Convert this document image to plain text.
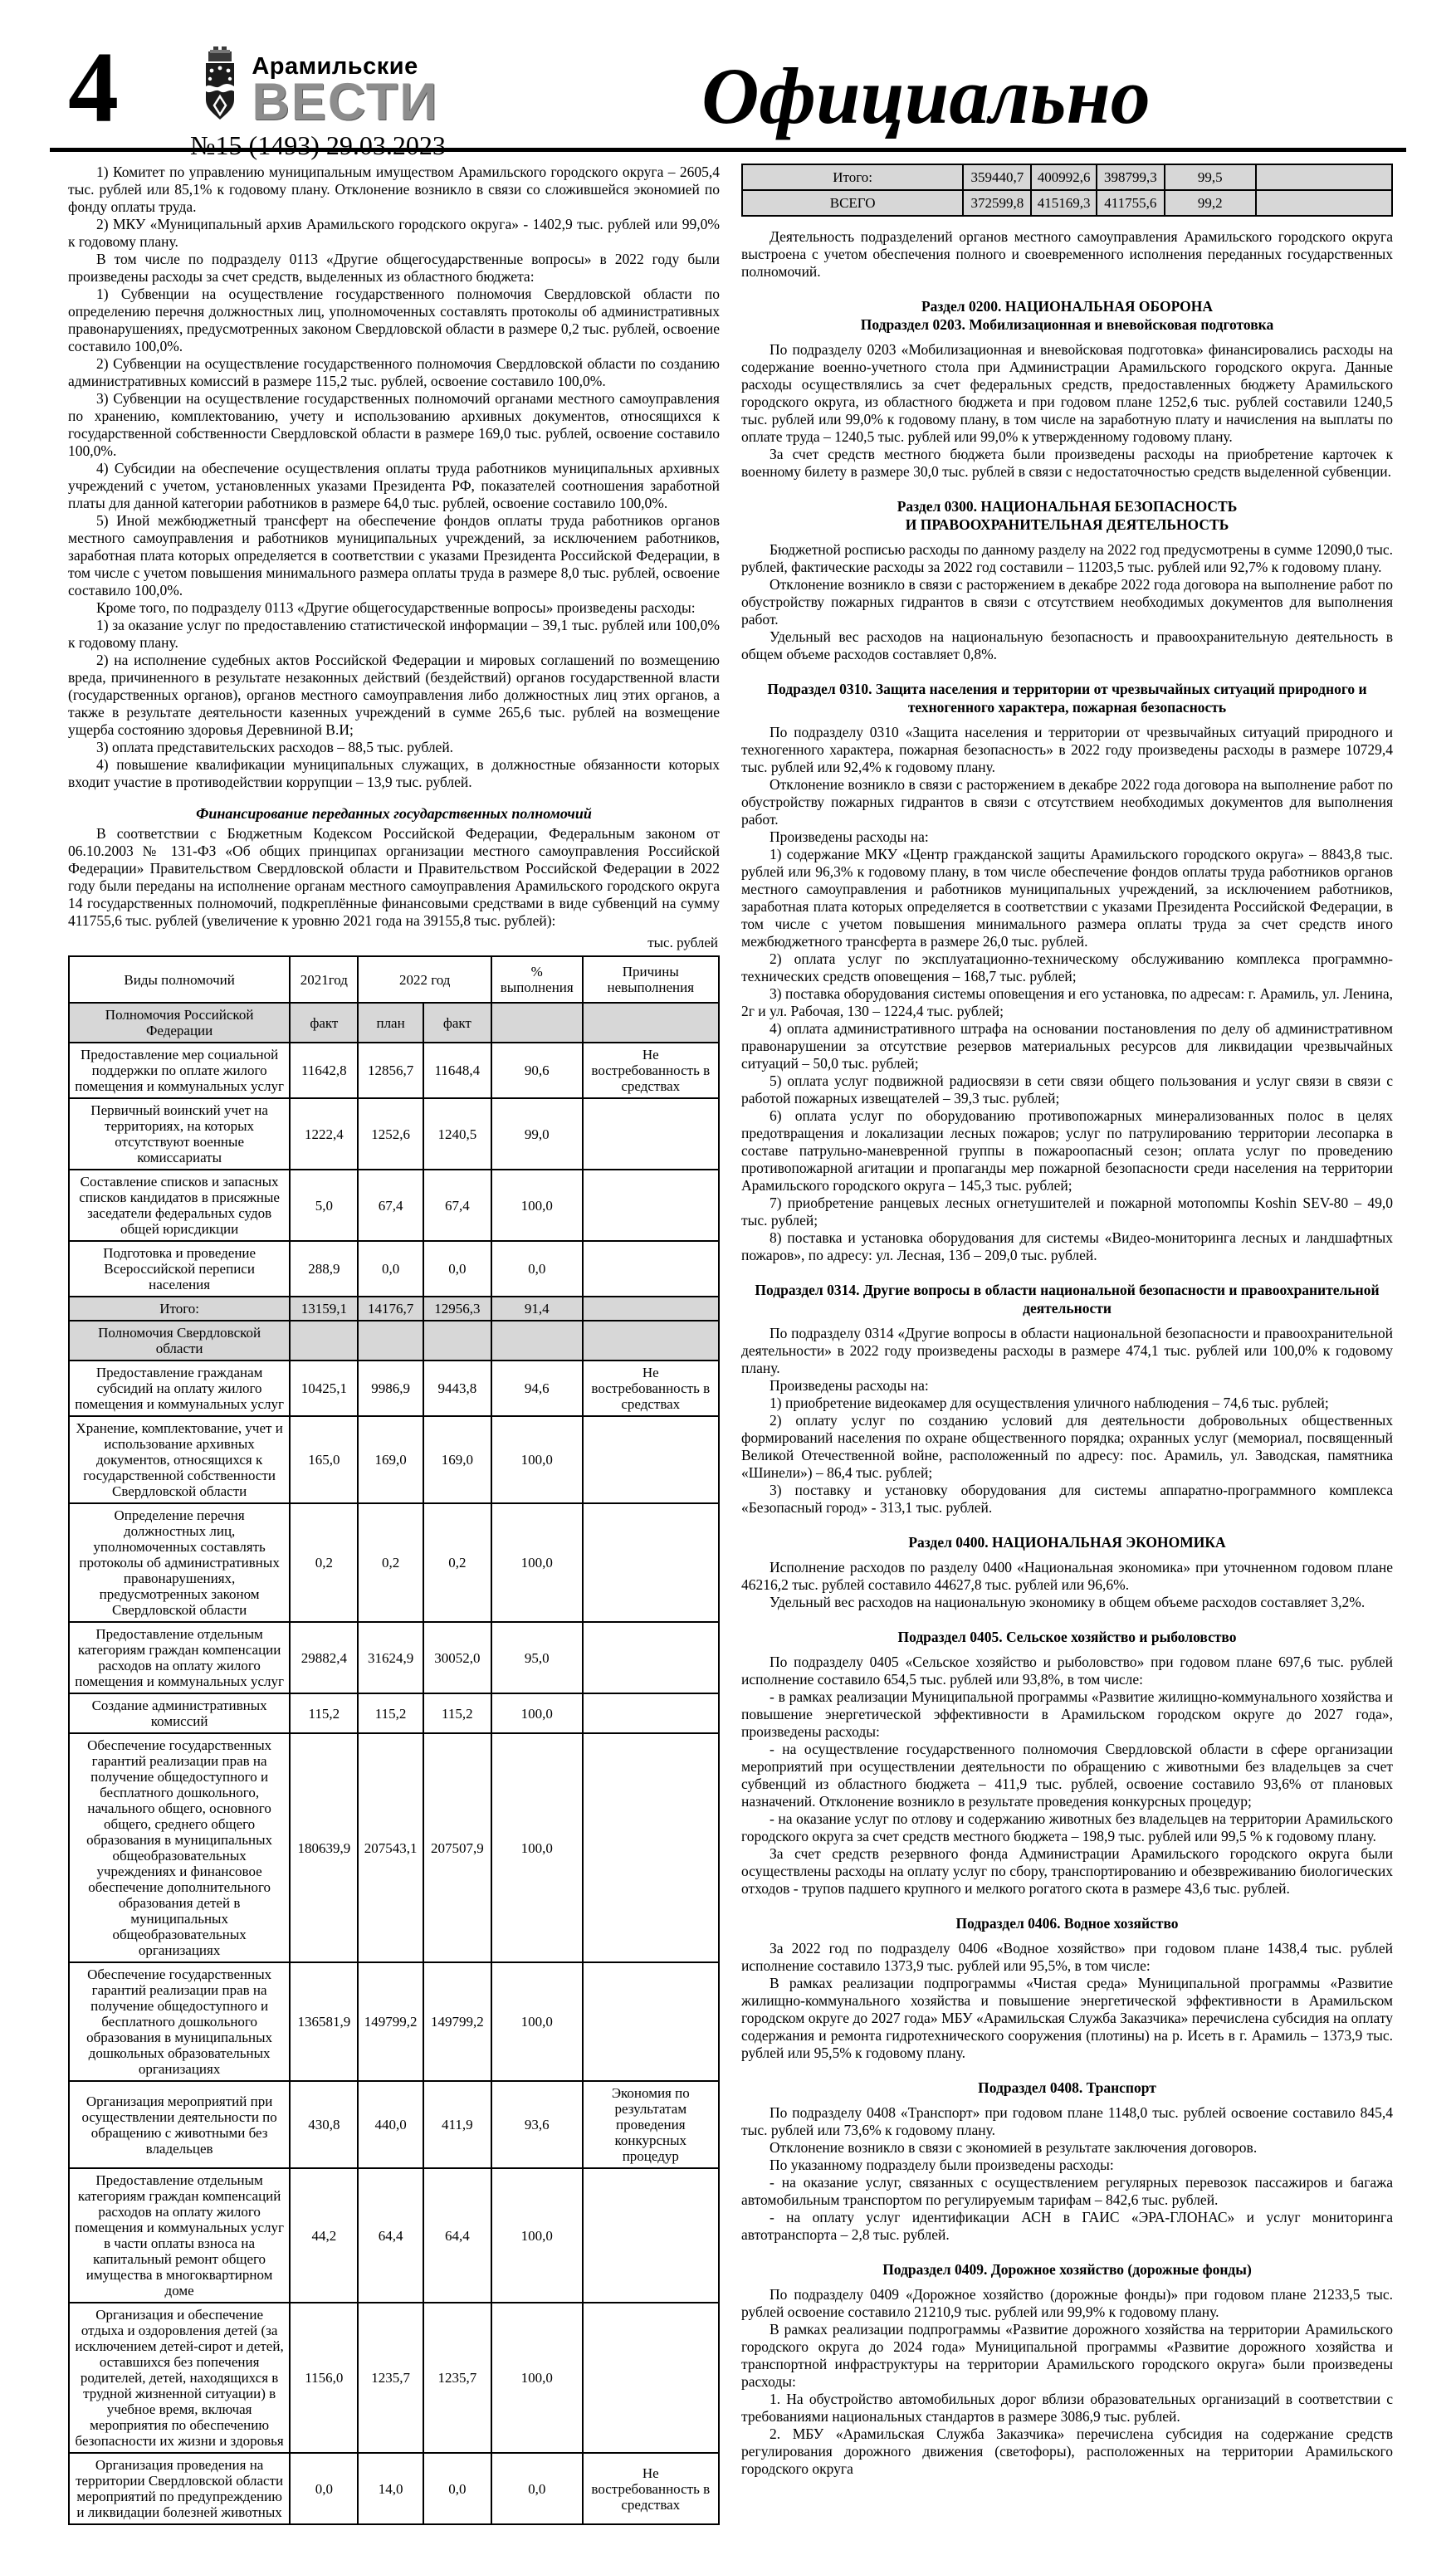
4	Арамильские
ВЕСТИ
№15 (1493) 29.03.2023
Официально

1) Комитет по управлению муниципальным имуществом Арамильского городского округа – 2605,4 тыс. рублей или 85,1% к годовому плану. Отклонение возникло в связи со сложившейся экономией по фонду оплаты труда.

2) МКУ «Муниципальный архив Арамильского городского округа» - 1402,9 тыс. рублей или 99,0% к годовому плану.

В том числе по подразделу 0113 «Другие общегосударственные вопросы» в 2022 году были произведены расходы за счет средств, выделенных из областного бюджета:

1) Субвенции на осуществление государственного полномочия Свердловской области по определению перечня должностных лиц, уполномоченных составлять протоколы об административных правонарушениях, предусмотренных законом Свердловской области в размере 0,2 тыс. рублей, освоение составило 100,0%.

2) Субвенции на осуществление государственного полномочия Свердловской области по созданию административных комиссий в размере 115,2 тыс. рублей, освоение составило 100,0%.

3) Субвенции на осуществление государственных полномочий органами местного самоуправления по хранению, комплектованию, учету и использованию архивных документов, относящихся к государственной собственности Свердловской области в размере 169,0 тыс. рублей, освоение составило 100,0%.

4) Субсидии на обеспечение осуществления оплаты труда работников муниципальных архивных учреждений с учетом, установленных указами Президента РФ, показателей соотношения заработной платы для данной категории работников в размере 64,0 тыс. рублей, освоение составило 100,0%.

5) Иной межбюджетный трансферт на обеспечение фондов оплаты труда работников органов местного самоуправления и работников муниципальных учреждений, за исключением работников, заработная плата которых определяется в соответствии с указами Президента Российской Федерации, в том числе с учетом повышения минимального размера оплаты труда в размере 8,0 тыс. рублей, освоение составило 100,0%.

Кроме того, по подразделу 0113 «Другие общегосударственные вопросы» произведены расходы:

1) за оказание услуг по предоставлению статистической информации – 39,1 тыс. рублей или 100,0% к годовому плану.

2) на исполнение судебных актов Российской Федерации и мировых соглашений по возмещению вреда, причиненного в результате незаконных действий (бездействий) органов государственной власти (государственных органов), органов местного самоуправления либо должностных лиц этих органов, а также в результате деятельности казенных учреждений в сумме 265,6 тыс. рублей на возмещение ущерба состоянию здоровья Деревниной В.И;

3) оплата представительских расходов – 88,5 тыс. рублей.

4) повышение квалификации муниципальных служащих, в должностные обязанности которых входит участие в противодействии коррупции – 13,9 тыс. рублей.

Финансирование переданных государственных полномочий

В соответствии с Бюджетным Кодексом Российской Федерации, Федеральным законом от 06.10.2003 № 131-ФЗ «Об общих принципах организации местного самоуправления Российской Федерации» Правительством Свердловской области и Правительством Российской Федерации в 2022 году были переданы на исполнение органам местного самоуправления Арамильского городского округа 14 государственных полномочий, подкреплённые финансовыми средствами в виде субвенций на сумму 411755,6 тыс. рублей (увеличение к уровню 2021 года на 39155,8 тыс. рублей):

тыс. рублей
Виды полномочий	2021год	2022 год		% выполнения	Причины невыполнения
Полномочия Российской Федерации	факт	план	факт		
Предоставление мер социальной поддержки по оплате жилого помещения и коммунальных услуг	11642,8	12856,7	11648,4	90,6	Не востребованность в средствах
Первичный воинский учет на территориях, на которых отсутствуют военные комиссариаты	1222,4	1252,6	1240,5	99,0	
Составление списков и запасных списков кандидатов в присяжные заседатели федеральных судов общей юрисдикции	5,0	67,4	67,4	100,0	
Подготовка и проведение Всероссийской переписи населения	288,9	0,0	0,0	0,0	
Итого:	13159,1	14176,7	12956,3	91,4	
Полномочия Свердловской области					
Предоставление гражданам субсидий на оплату жилого помещения и коммунальных услуг	10425,1	9986,9	9443,8	94,6	Не востребованность в средствах
Хранение, комплектование, учет и использование архивных документов, относящихся к государственной собственности Свердловской области	165,0	169,0	169,0	100,0	
Определение перечня должностных лиц, уполномоченных составлять протоколы об административных правонарушениях, предусмотренных законом Свердловской области	0,2	0,2	0,2	100,0	
Предоставление отдельным категориям граждан компенсации расходов на оплату жилого помещения и коммунальных услуг	29882,4	31624,9	30052,0	95,0	
Создание административных комиссий	115,2	115,2	115,2	100,0	
Обеспечение государственных гарантий реализации прав на получение общедоступного и бесплатного дошкольного, начального общего, основного общего, среднего общего образования в муниципальных общеобразовательных учреждениях и финансовое обеспечение дополнительного образования детей в муниципальных общеобразовательных организациях	180639,9	207543,1	207507,9	100,0	
Обеспечение государственных гарантий реализации прав на получение общедоступного и бесплатного дошкольного образования в муниципальных дошкольных образовательных организациях	136581,9	149799,2	149799,2	100,0	
Организация мероприятий при осуществлении деятельности по обращению с животными без владельцев	430,8	440,0	411,9	93,6	Экономия по результатам проведения конкурсных процедур
Предоставление отдельным категориям граждан компенсаций расходов на оплату жилого помещения и коммунальных услуг в части оплаты взноса на капитальный ремонт общего имущества в многоквартирном доме	44,2	64,4	64,4	100,0	
Организация и обеспечение отдыха и оздоровления детей (за исключением детей-сирот и детей, оставшихся без попечения родителей, детей, находящихся в трудной жизненной ситуации) в учебное время, включая мероприятия по обеспечению безопасности их жизни и здоровья	1156,0	1235,7	1235,7	100,0	
Организация проведения на территории Свердловской области мероприятий по предупреждению и ликвидации болезней животных	0,0	14,0	0,0	0,0	Не востребованность в средствах
Итого:	359440,7	400992,6	398799,3	99,5	
ВСЕГО	372599,8	415169,3	411755,6	99,2	

Деятельность подразделений органов местного самоуправления Арамильского городского округа выстроена с учетом обеспечения полного и своевременного исполнения переданных государственных полномочий.

Раздел 0200. НАЦИОНАЛЬНАЯ ОБОРОНА
Подраздел 0203. Мобилизационная и вневойсковая подготовка

По подразделу 0203 «Мобилизационная и вневойсковая подготовка» финансировались расходы на содержание военно-учетного стола при Администрации Арамильского городского округа. Данные расходы осуществлялись за счет федеральных средств, предоставленных бюджету Арамильского городского округа, из областного бюджета и при годовом плане 1252,6 тыс. рублей составили 1240,5 тыс. рублей или 99,0% к годовому плану, в том числе на заработную плату и начисления на выплаты по оплате труда – 1240,5 тыс. рублей или 99,0% к утвержденному годовому плану.

За счет средств местного бюджета были произведены расходы на приобретение карточек к военному билету в размере 30,0 тыс. рублей в связи с недостаточностью средств выделенной субвенции.

Раздел 0300. НАЦИОНАЛЬНАЯ БЕЗОПАСНОСТЬ
И ПРАВООХРАНИТЕЛЬНАЯ ДЕЯТЕЛЬНОСТЬ

Бюджетной росписью расходы по данному разделу на 2022 год предусмотрены в сумме 12090,0 тыс. рублей, фактические расходы за 2022 год составили – 11203,5 тыс. рублей или 92,7% к годовому плану.

Отклонение возникло в связи с расторжением в декабре 2022 года договора на выполнение работ по обустройству пожарных гидрантов в связи с отсутствием необходимых документов для выполнения работ.

Удельный вес расходов на национальную безопасность и правоохранительную деятельность в общем объеме расходов составляет 0,8%.

Подраздел 0310. Защита населения и территории от чрезвычайных ситуаций природного и техногенного характера, пожарная безопасность

По подразделу 0310 «Защита населения и территории от чрезвычайных ситуаций природного и техногенного характера, пожарная безопасность» в 2022 году произведены расходы в размере 10729,4 тыс. рублей или 92,4% к годовому плану.

Отклонение возникло в связи с расторжением в декабре 2022 года договора на выполнение работ по обустройству пожарных гидрантов в связи с отсутствием необходимых документов для выполнения работ.

Произведены расходы на:

1) содержание МКУ «Центр гражданской защиты Арамильского городского округа» – 8843,8 тыс. рублей или 96,3% к годовому плану, в том числе обеспечение фондов оплаты труда работников органов местного самоуправления и работников муниципальных учреждений, за исключением работников, заработная плата которых определяется в соответствии с указами Президента Российской Федерации, в том числе с учетом повышения минимального размера оплаты труда за счет средств иного межбюджетного трансферта в размере 26,0 тыс. рублей.

2) оплата услуг по эксплуатационно-техническому обслуживанию комплекса программно-технических средств оповещения – 168,7 тыс. рублей;

3) поставка оборудования системы оповещения и его установка, по адресам: г. Арамиль, ул. Ленина, 2г и ул. Рабочая, 130 – 1224,4 тыс. рублей;

4) оплата административного штрафа на основании постановления по делу об административном правонарушении за отсутствие резервов материальных ресурсов для ликвидации чрезвычайных ситуаций – 50,0 тыс. рублей;

5) оплата услуг подвижной радиосвязи в сети связи общего пользования и услуг связи в связи с работой пожарных извещателей – 39,3 тыс. рублей;

6) оплата услуг по оборудованию противопожарных минерализованных полос в целях предотвращения и локализации лесных пожаров; услуг по патрулированию территории лесопарка в составе патрульно-маневренной группы в пожароопасный сезон; оплата услуг по проведению противопожарной агитации и пропаганды мер пожарной безопасности среди населения на территории Арамильского городского округа – 145,3 тыс. рублей;

7) приобретение ранцевых лесных огнетушителей и пожарной мотопомпы Koshin SEV-80 – 49,0 тыс. рублей;

8) поставка и установка оборудования для системы «Видео-мониторинга лесных и ландшафтных пожаров», по адресу: ул. Лесная, 13б – 209,0 тыс. рублей.

Подраздел 0314. Другие вопросы в области национальной безопасности и правоохранительной деятельности

По подразделу 0314 «Другие вопросы в области национальной безопасности и правоохранительной деятельности» в 2022 году произведены расходы в размере 474,1 тыс. рублей или 100,0% к годовому плану.

Произведены расходы на:

1) приобретение видеокамер для осуществления уличного наблюдения – 74,6 тыс. рублей;

2) оплату услуг по созданию условий для деятельности добровольных общественных формирований населения по охране общественного порядка; охранных услуг (мемориал, посвященный Великой Отечественной войне, расположенный по адресу: пос. Арамиль, ул. Заводская, памятника «Шинели») – 86,4 тыс. рублей;

3) поставку и установку оборудования для системы аппаратно-программного комплекса «Безопасный город» - 313,1 тыс. рублей.

Раздел 0400. НАЦИОНАЛЬНАЯ ЭКОНОМИКА

Исполнение расходов по разделу 0400 «Национальная экономика» при уточненном годовом плане 46216,2 тыс. рублей составило 44627,8 тыс. рублей или 96,6%.

Удельный вес расходов на национальную экономику в общем объеме расходов составляет 3,2%.

Подраздел 0405. Сельское хозяйство и рыболовство

По подразделу 0405 «Сельское хозяйство и рыболовство» при годовом плане 697,6 тыс. рублей исполнение составило 654,5 тыс. рублей или 93,8%, в том числе:

- в рамках реализации Муниципальной программы «Развитие жилищно-коммунального хозяйства и повышение энергетической эффективности в Арамильском городском округе до 2027 года», произведены расходы:

- на осуществление государственного полномочия Свердловской области в сфере организации мероприятий при осуществлении деятельности по обращению с животными без владельцев за счет субвенций из областного бюджета – 411,9 тыс. рублей, освоение составило 93,6% от плановых назначений. Отклонение возникло в результате проведения конкурсных процедур;

- на оказание услуг по отлову и содержанию животных без владельцев на территории Арамильского городского округа за счет средств местного бюджета – 198,9 тыс. рублей или 99,5 % к годовому плану.

За счет средств резервного фонда Администрации Арамильского городского округа были осуществлены расходы на оплату услуг по сбору, транспортированию и обезвреживанию биологических отходов - трупов падшего крупного и мелкого рогатого скота в размере 43,6 тыс. рублей.

Подраздел 0406. Водное хозяйство

За 2022 год по подразделу 0406 «Водное хозяйство» при годовом плане 1438,4 тыс. рублей исполнение составило 1373,9 тыс. рублей или 95,5%, в том числе:

В рамках реализации подпрограммы «Чистая среда» Муниципальной программы «Развитие жилищно-коммунального хозяйства и повышение энергетической эффективности в Арамильском городском округе до 2027 года» МБУ «Арамильская Служба Заказчика» перечислена субсидия на оплату содержания и ремонта гидротехнического сооружения (плотины) на р. Исеть в г. Арамиль – 1373,9 тыс. рублей или 95,5% к годовому плану.

Подраздел 0408. Транспорт

По подразделу 0408 «Транспорт» при годовом плане 1148,0 тыс. рублей освоение составило 845,4 тыс. рублей или 73,6% к годовому плану.

Отклонение возникло в связи с экономией в результате заключения договоров.

По указанному подразделу были произведены расходы:

- на оказание услуг, связанных с осуществлением регулярных перевозок пассажиров и багажа автомобильным транспортом по регулируемым тарифам – 842,6 тыс. рублей.

- на оплату услуг идентификации АСН в ГАИС «ЭРА-ГЛОНАС» и услуг мониторинга автотранспорта – 2,8 тыс. рублей.

Подраздел 0409. Дорожное хозяйство (дорожные фонды)

По подразделу 0409 «Дорожное хозяйство (дорожные фонды)» при годовом плане 21233,5 тыс. рублей освоение составило 21210,9 тыс. рублей или 99,9% к годовому плану.

В рамках реализации подпрограммы «Развитие дорожного хозяйства на территории Арамильского городского округа до 2024 года» Муниципальной программы «Развитие дорожного хозяйства и транспортной инфраструктуры на территории Арамильского городского округа» были произведены расходы:

1. На обустройство автомобильных дорог вблизи образовательных организаций в соответствии с требованиями национальных стандартов в размере 3086,9 тыс. рублей.

2. МБУ «Арамильская Служба Заказчика» перечислена субсидия на содержание средств регулирования дорожного движения (светофоры), расположенных на территории Арамильского городского округа
